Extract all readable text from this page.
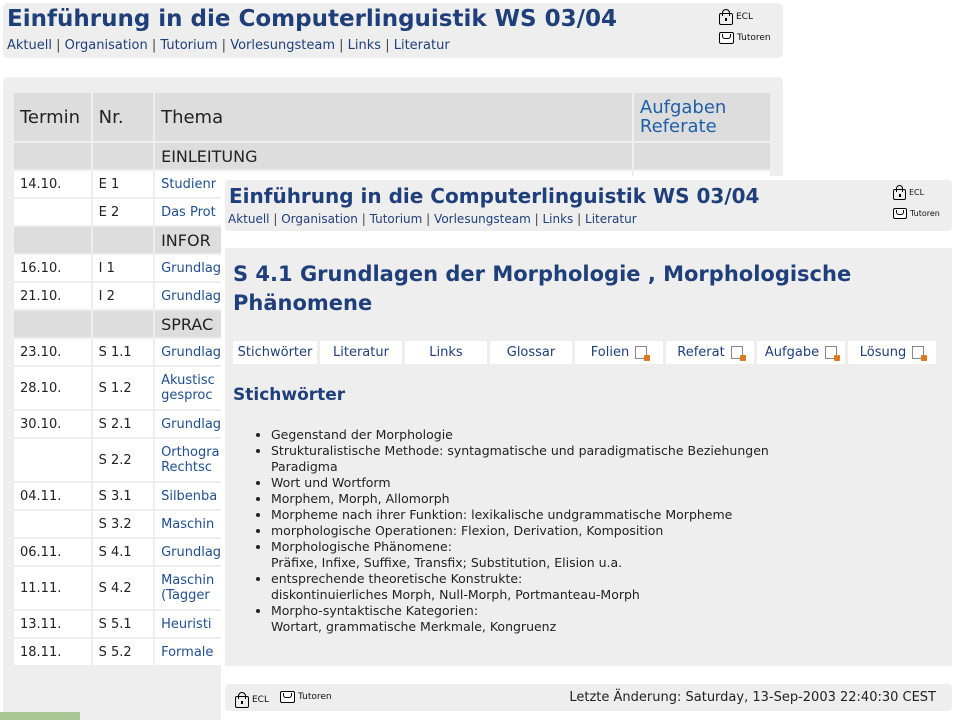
Einführung in die Computerlinguistik WS 03/04
Aktuell | Organisation | Tutorium | Vorlesungsteam | Links | Literatur
ECL
Tutoren
Termin	Nr.	Thema	Aufgaben
Referate

		EINLEITUNG	
14.10.	E 1	Studienr	
	E 2	Das Prot	
		INFOR	
16.10.	I 1	Grundlag	
21.10.	I 2	Grundlag	
		SPRAC	
23.10.	S 1.1	Grundlag	
28.10.	S 1.2	Akustisc
gesproc	
30.10.	S 2.1	Grundlag	
	S 2.2	Orthogra
Rechtsc	
04.11.	S 3.1	Silbenba	
	S 3.2	Maschin	
06.11.	S 4.1	Grundlag	
11.11.	S 4.2	Maschin
(Tagger	
13.11.	S 5.1	Heuristi	
18.11.	S 5.2	Formale	
Einführung in die Computerlinguistik WS 03/04
Aktuell | Organisation | Tutorium | Vorlesungsteam | Links | Literatur
ECL
Tutoren
S 4.1 Grundlagen der Morphologie , Morphologische Phänomene
Stichwörter Literatur	Links	Glossar	Folien	Referat	Aufgabe	Lösung
Stichwörter
• Gegenstand der Morphologie
• Strukturalistische Methode: syntagmatische und paradigmatische Beziehungen
Paradigma
• Wort und Wortform
• Morphem, Morph, Allomorph
• Morpheme nach ihrer Funktion: lexikalische undgrammatische Morpheme
• morphologische Operationen: Flexion, Derivation, Komposition
• Morphologische Phänomene:
Präfixe, Infixe, Suffixe, Transfix; Substitution, Elision u.a.
• entsprechende theoretische Konstrukte:
diskontinuierliches Morph, Null-Morph, Portmanteau-Morph
• Morpho-syntaktische Kategorien:
Wortart, grammatische Merkmale, Kongruenz
ECL	Tutoren	Letzte Änderung: Saturday, 13-Sep-2003 22:40:30 CEST
